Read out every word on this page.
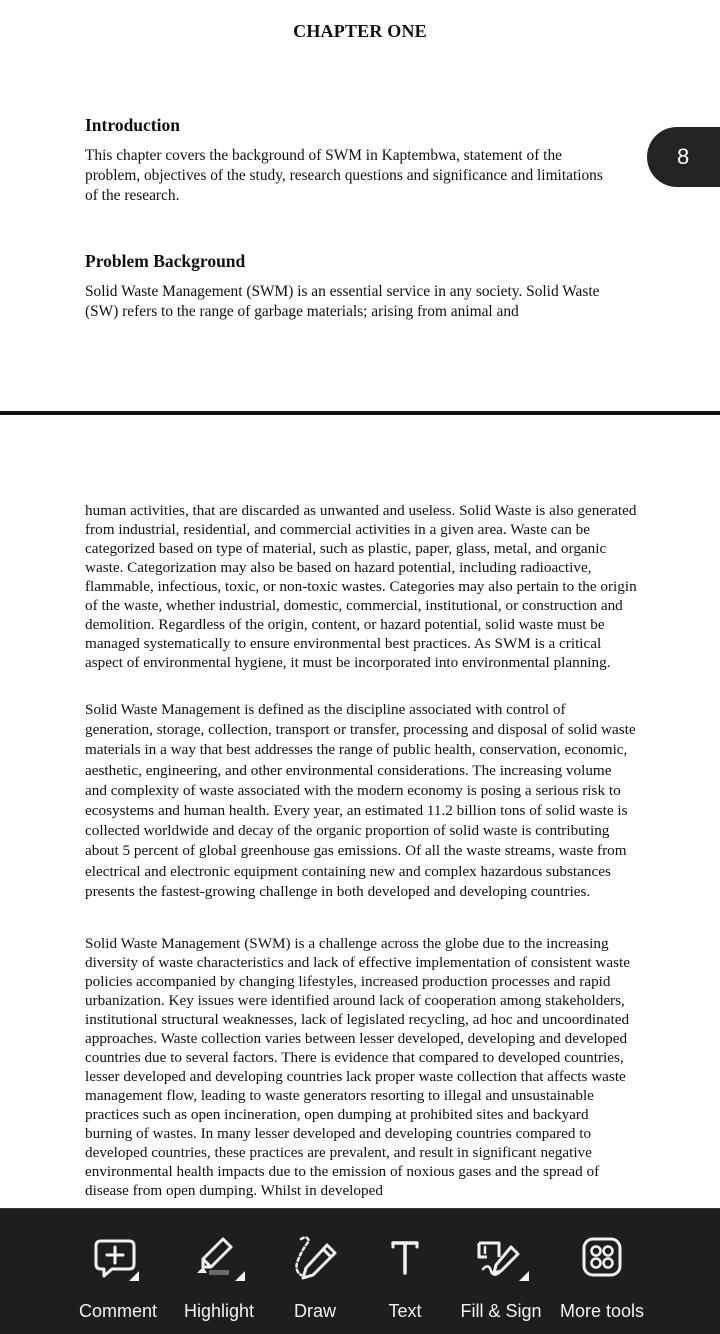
CHAPTER ONE
Introduction
This chapter covers the background of SWM in Kaptembwa, statement of the problem, objectives of the study, research questions and significance and limitations of the research.
Problem Background
Solid Waste Management (SWM) is an essential service in any society. Solid Waste (SW) refers to the range of garbage materials; arising from animal and
human activities, that are discarded as unwanted and useless. Solid Waste is also generated from industrial, residential, and commercial activities in a given area. Waste can be categorized based on type of material, such as plastic, paper, glass, metal, and organic waste. Categorization may also be based on hazard potential, including radioactive, flammable, infectious, toxic, or non-toxic wastes. Categories may also pertain to the origin of the waste, whether industrial, domestic, commercial, institutional, or construction and demolition. Regardless of the origin, content, or hazard potential, solid waste must be managed systematically to ensure environmental best practices. As SWM is a critical aspect of environmental hygiene, it must be incorporated into environmental planning.
Solid Waste Management is defined as the discipline associated with control of generation, storage, collection, transport or transfer, processing and disposal of solid waste materials in a way that best addresses the range of public health, conservation, economic, aesthetic, engineering, and other environmental considerations. The increasing volume and complexity of waste associated with the modern economy is posing a serious risk to ecosystems and human health. Every year, an estimated 11.2 billion tons of solid waste is collected worldwide and decay of the organic proportion of solid waste is contributing about 5 percent of global greenhouse gas emissions. Of all the waste streams, waste from electrical and electronic equipment containing new and complex hazardous substances presents the fastest-growing challenge in both developed and developing countries.
Solid Waste Management (SWM) is a challenge across the globe due to the increasing diversity of waste characteristics and lack of effective implementation of consistent waste policies accompanied by changing lifestyles, increased production processes and rapid urbanization. Key issues were identified around lack of cooperation among stakeholders, institutional structural weaknesses, lack of legislated recycling, ad hoc and uncoordinated approaches. Waste collection varies between lesser developed, developing and developed countries due to several factors. There is evidence that compared to developed countries, lesser developed and developing countries lack proper waste collection that affects waste management flow, leading to waste generators resorting to illegal and unsustainable practices such as open incineration, open dumping at prohibited sites and backyard burning of wastes. In many lesser developed and developing countries compared to developed countries, these practices are prevalent, and result in significant negative environmental health impacts due to the emission of noxious gases and the spread of disease from open dumping. Whilst in developed
8
Comment Highlight Draw	Text Fill & Sign More tools
